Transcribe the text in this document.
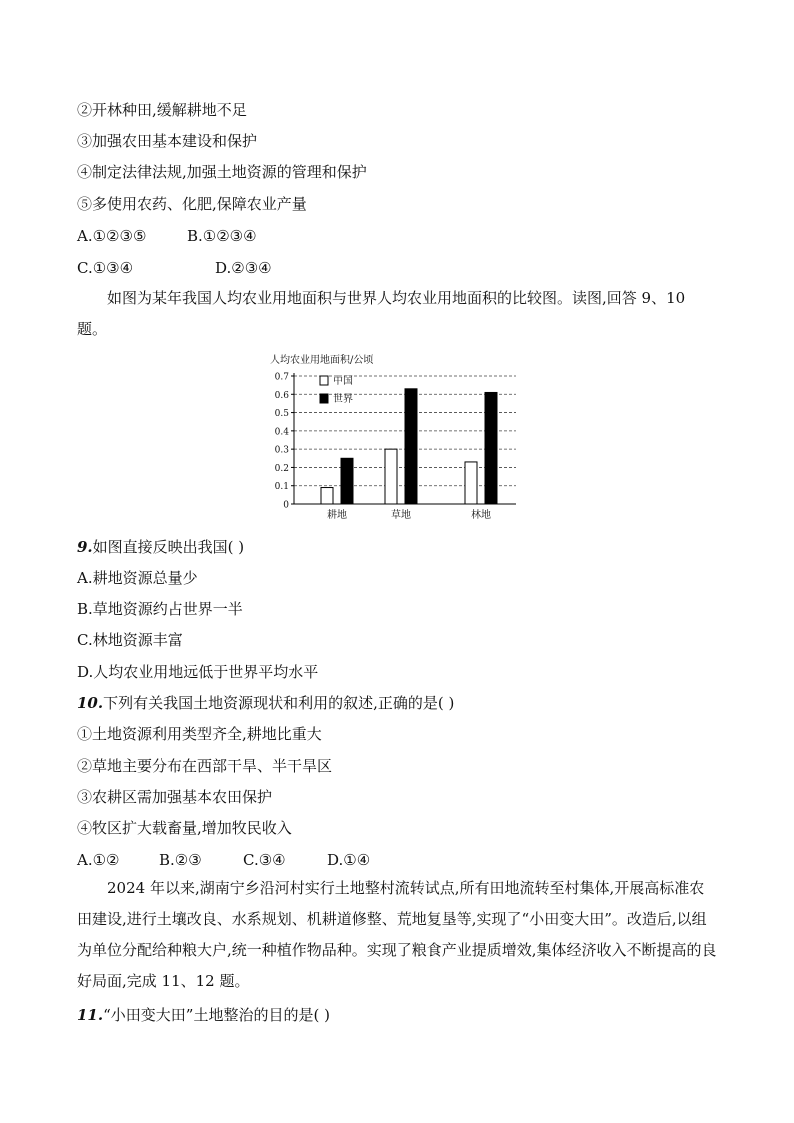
②开林种田,缓解耕地不足
③加强农田基本建设和保护
④制定法律法规,加强土地资源的管理和保护
⑤多使用农药、化肥,保障农业产量
A.①②③⑤	B.①②③④
C.①③④	D.②③④
如图为某年我国人均农业用地面积与世界人均农业用地面积的比较图。读图,回答 9、10 题。
人均农业用地面积/公顷
0
0.1
0.2
0.3
0.4
0.5
0.6
0.7
耕地	草地	林地
中国
世界
9.如图直接反映出我国( )
A.耕地资源总量少
B.草地资源约占世界一半
C.林地资源丰富
D.人均农业用地远低于世界平均水平
10.下列有关我国土地资源现状和利用的叙述,正确的是( )
①土地资源利用类型齐全,耕地比重大
②草地主要分布在西部干旱、半干旱区
③农耕区需加强基本农田保护
④牧区扩大载畜量,增加牧民收入
A.①②	B.②③	C.③④	D.①④
2024 年以来,湖南宁乡沿河村实行土地整村流转试点,所有田地流转至村集体,开展高标准农田建设,进行土壤改良、水系规划、机耕道修整、荒地复垦等,实现了“小田变大田”。改造后,以组为单位分配给种粮大户,统一种植作物品种。实现了粮食产业提质增效,集体经济收入不断提高的良好局面,完成 11、12 题。
11.“小田变大田”土地整治的目的是( )
